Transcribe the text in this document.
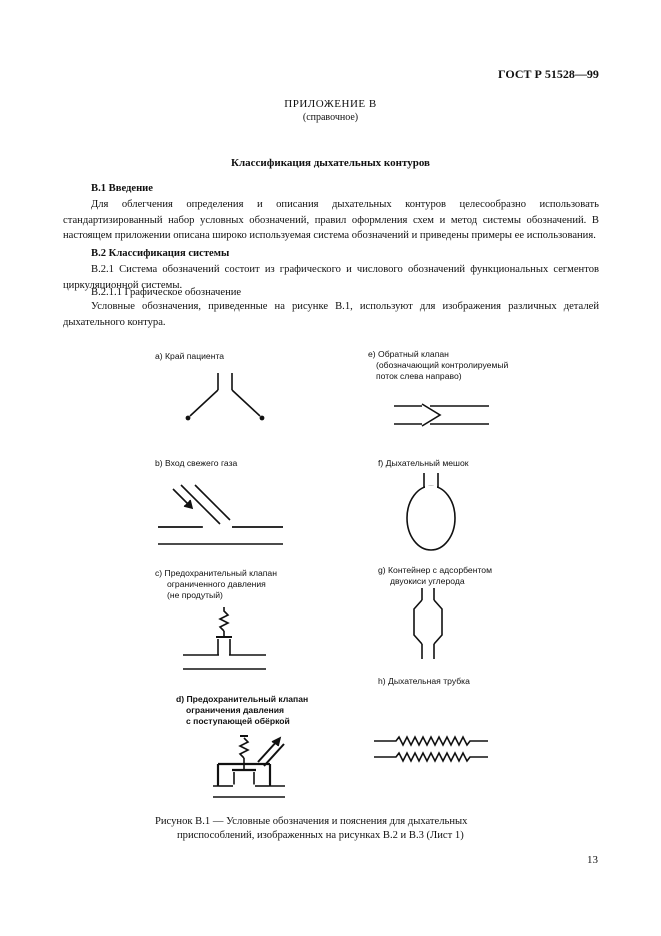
ГОСТ Р 51528—99
ПРИЛОЖЕНИЕ В
(справочное)
Классификация дыхательных контуров
В.1 Введение
Для облегчения определения и описания дыхательных контуров целесообразно использовать стандартизированный набор условных обозначений, правил оформления схем и метод системы обозначений. В настоящем приложении описана широко используемая система обозначений и приведены примеры ее использования.
В.2 Классификация системы
В.2.1 Система обозначений состоит из графического и числового обозначений функциональных сегментов циркуляционной системы.
В.2.1.1 Графическое обозначение
Условные обозначения, приведенные на рисунке В.1, используют для изображения различных деталей дыхательного контура.
a) Край пациента
b) Вход свежего газа
c) Предохранительный клапан
ограниченного давления
(не продутый)
d) Предохранительный клапан
ограничения давления
с поступающей обёркой
е) Обратный клапан
(обозначающий контролируемый
поток слева направо)
f) Дыхательный мешок
g) Контейнер с адсорбентом
двуокиси углерода
h) Дыхательная трубка
Рисунок В.1 — Условные обозначения и пояснения для дыхательных
приспособлений, изображенных на рисунках В.2 и В.3 (Лист 1)
13
